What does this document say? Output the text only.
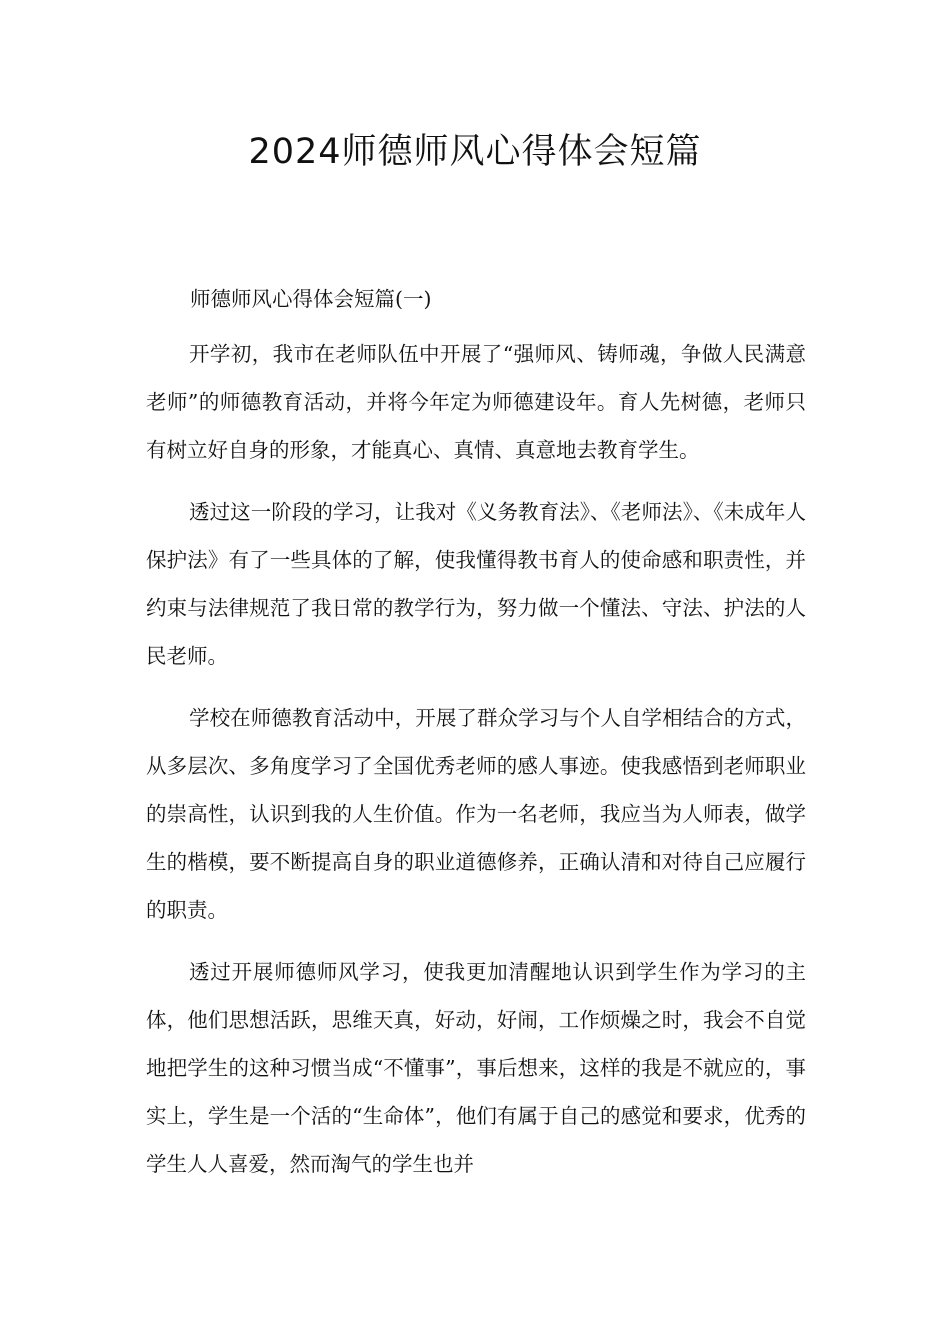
2024师德师风心得体会短篇
师德师风心得体会短篇(一)

开学初，我市在老师队伍中开展了“强师风、铸师魂，争做人民满意老师”的师德教育活动，并将今年定为师德建设年。育人先树德，老师只有树立好自身的形象，才能真心、真情、真意地去教育学生。

透过这一阶段的学习，让我对《义务教育法》、《老师法》、《未成年人保护法》有了一些具体的了解，使我懂得教书育人的使命感和职责性，并约束与法律规范了我日常的教学行为，努力做一个懂法、守法、护法的人民老师。

学校在师德教育活动中，开展了群众学习与个人自学相结合的方式，从多层次、多角度学习了全国优秀老师的感人事迹。使我感悟到老师职业的崇高性，认识到我的人生价值。作为一名老师，我应当为人师表，做学生的楷模，要不断提高自身的职业道德修养，正确认清和对待自己应履行的职责。

透过开展师德师风学习，使我更加清醒地认识到学生作为学习的主体，他们思想活跃，思维天真，好动，好闹，工作烦燥之时，我会不自觉地把学生的这种习惯当成“不懂事”，事后想来，这样的我是不就应的，事实上，学生是一个活的“生命体”，他们有属于自己的感觉和要求，优秀的学生人人喜爱，然而淘气的学生也并
